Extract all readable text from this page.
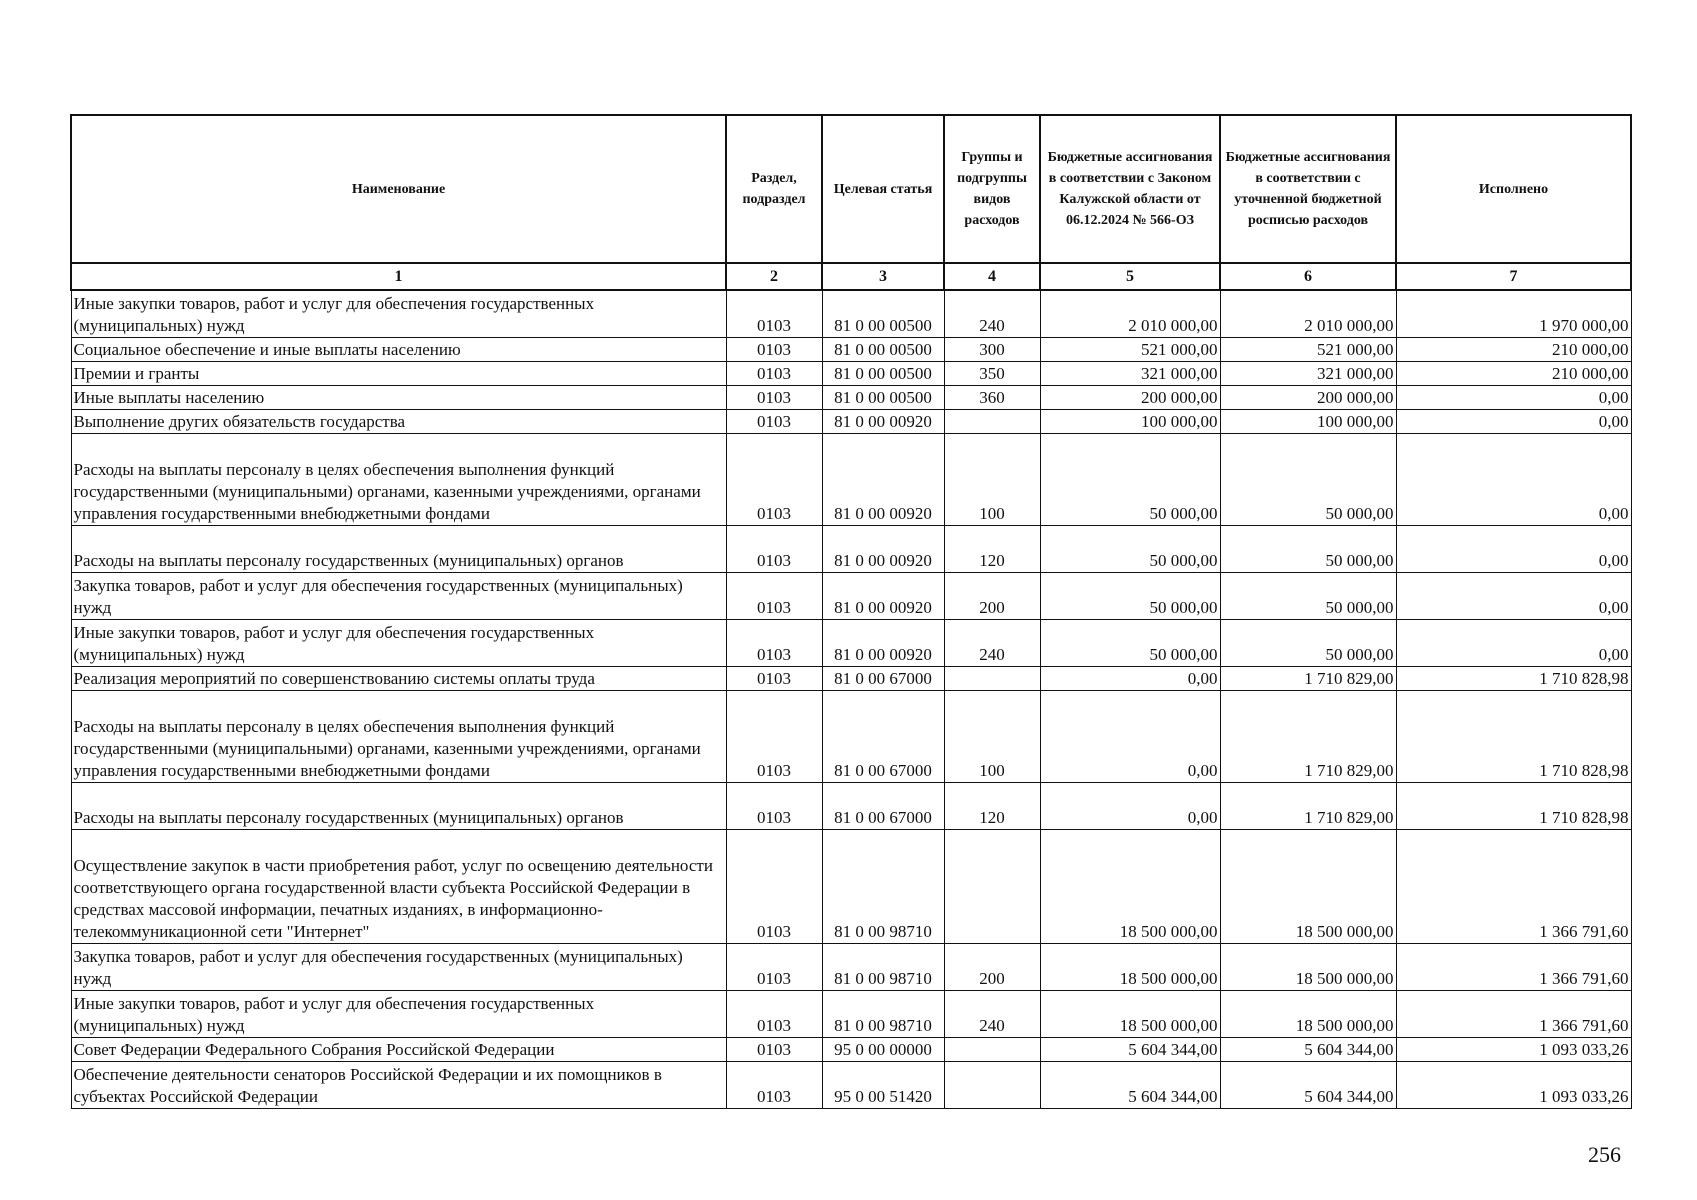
Наименование	Раздел, подраздел	Целевая статья	Группы и подгруппы видов расходов	Бюджетные ассигнования в соответствии с Законом Калужской области от 06.12.2024 № 566-ОЗ	Бюджетные ассигнования в соответствии с уточненной бюджетной росписью расходов	Исполнено
1	2	3	4	5	6	7
Иные закупки товаров, работ и услуг для обеспечения государственных (муниципальных) нужд	0103	81 0 00 00500	240	2 010 000,00	2 010 000,00	1 970 000,00
Социальное обеспечение и иные выплаты населению	0103	81 0 00 00500	300	521 000,00	521 000,00	210 000,00
Премии и гранты	0103	81 0 00 00500	350	321 000,00	321 000,00	210 000,00
Иные выплаты населению	0103	81 0 00 00500	360	200 000,00	200 000,00	0,00
Выполнение других обязательств государства	0103	81 0 00 00920		100 000,00	100 000,00	0,00
Расходы на выплаты персоналу в целях обеспечения выполнения функций государственными (муниципальными) органами, казенными учреждениями, органами управления государственными внебюджетными фондами	0103	81 0 00 00920	100	50 000,00	50 000,00	0,00
Расходы на выплаты персоналу государственных (муниципальных) органов	0103	81 0 00 00920	120	50 000,00	50 000,00	0,00
Закупка товаров, работ и услуг для обеспечения государственных (муниципальных) нужд	0103	81 0 00 00920	200	50 000,00	50 000,00	0,00
Иные закупки товаров, работ и услуг для обеспечения государственных (муниципальных) нужд	0103	81 0 00 00920	240	50 000,00	50 000,00	0,00
Реализация мероприятий по совершенствованию системы оплаты труда	0103	81 0 00 67000		0,00	1 710 829,00	1 710 828,98
Расходы на выплаты персоналу в целях обеспечения выполнения функций государственными (муниципальными) органами, казенными учреждениями, органами управления государственными внебюджетными фондами	0103	81 0 00 67000	100	0,00	1 710 829,00	1 710 828,98
Расходы на выплаты персоналу государственных (муниципальных) органов	0103	81 0 00 67000	120	0,00	1 710 829,00	1 710 828,98
Осуществление закупок в части приобретения работ, услуг по освещению деятельности соответствующего органа государственной власти субъекта Российской Федерации в средствах массовой информации, печатных изданиях, в информационно-телекоммуникационной сети "Интернет"	0103	81 0 00 98710		18 500 000,00	18 500 000,00	1 366 791,60
Закупка товаров, работ и услуг для обеспечения государственных (муниципальных) нужд	0103	81 0 00 98710	200	18 500 000,00	18 500 000,00	1 366 791,60
Иные закупки товаров, работ и услуг для обеспечения государственных (муниципальных) нужд	0103	81 0 00 98710	240	18 500 000,00	18 500 000,00	1 366 791,60
Совет Федерации Федерального Собрания Российской Федерации	0103	95 0 00 00000		5 604 344,00	5 604 344,00	1 093 033,26
Обеспечение деятельности сенаторов Российской Федерации и их помощников в субъектах Российской Федерации	0103	95 0 00 51420		5 604 344,00	5 604 344,00	1 093 033,26
256
